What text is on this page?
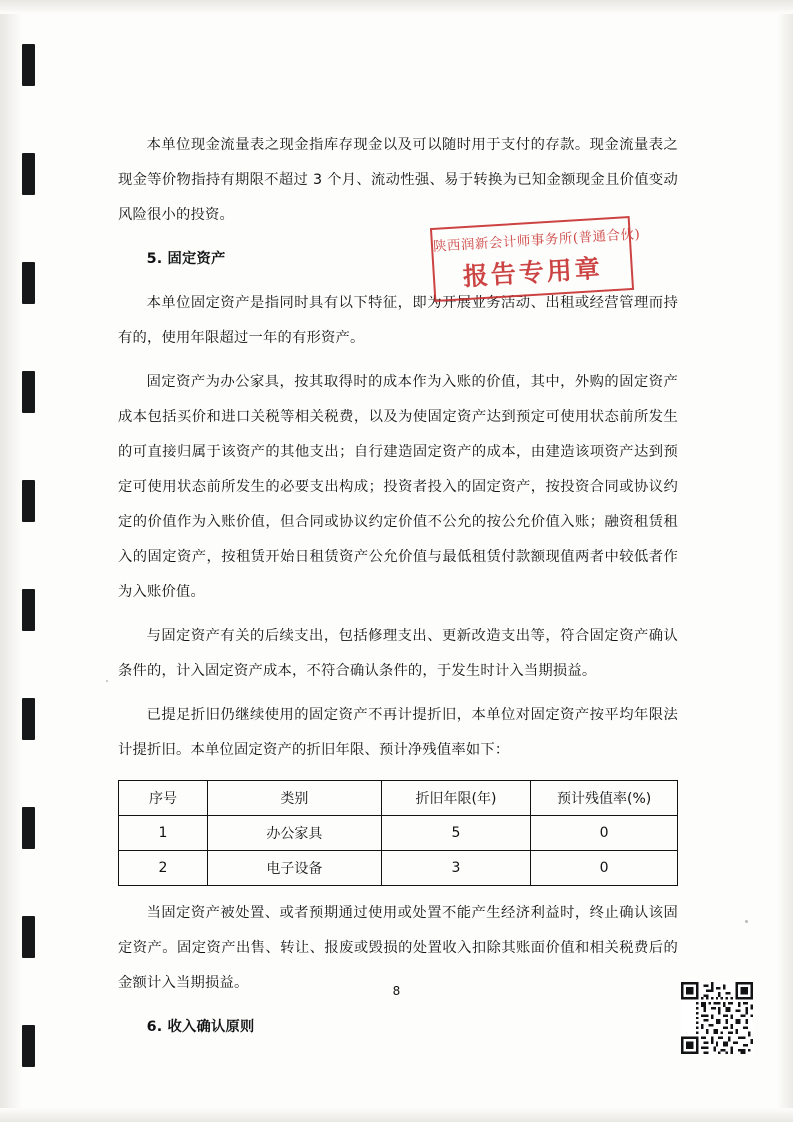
本单位现金流量表之现金指库存现金以及可以随时用于支付的存款。现金流量表之现金等价物指持有期限不超过 3 个月、流动性强、易于转换为已知金额现金且价值变动风险很小的投资。

5. 固定资产

本单位固定资产是指同时具有以下特征，即为开展业务活动、出租或经营管理而持有的，使用年限超过一年的有形资产。

固定资产为办公家具，按其取得时的成本作为入账的价值，其中，外购的固定资产成本包括买价和进口关税等相关税费，以及为使固定资产达到预定可使用状态前所发生的可直接归属于该资产的其他支出；自行建造固定资产的成本，由建造该项资产达到预定可使用状态前所发生的必要支出构成；投资者投入的固定资产，按投资合同或协议约定的价值作为入账价值，但合同或协议约定价值不公允的按公允价值入账；融资租赁租入的固定资产，按租赁开始日租赁资产公允价值与最低租赁付款额现值两者中较低者作为入账价值。

与固定资产有关的后续支出，包括修理支出、更新改造支出等，符合固定资产确认条件的，计入固定资产成本，不符合确认条件的，于发生时计入当期损益。

已提足折旧仍继续使用的固定资产不再计提折旧，本单位对固定资产按平均年限法计提折旧。本单位固定资产的折旧年限、预计净残值率如下：

序号	类别	折旧年限(年)	预计残值率(%)
1	办公家具	5	0
2	电子设备	3	0

当固定资产被处置、或者预期通过使用或处置不能产生经济利益时，终止确认该固定资产。固定资产出售、转让、报废或毁损的处置收入扣除其账面价值和相关税费后的金额计入当期损益。

6. 收入确认原则

陕西润新会计师事务所(普通合伙)
报告专用章
8
